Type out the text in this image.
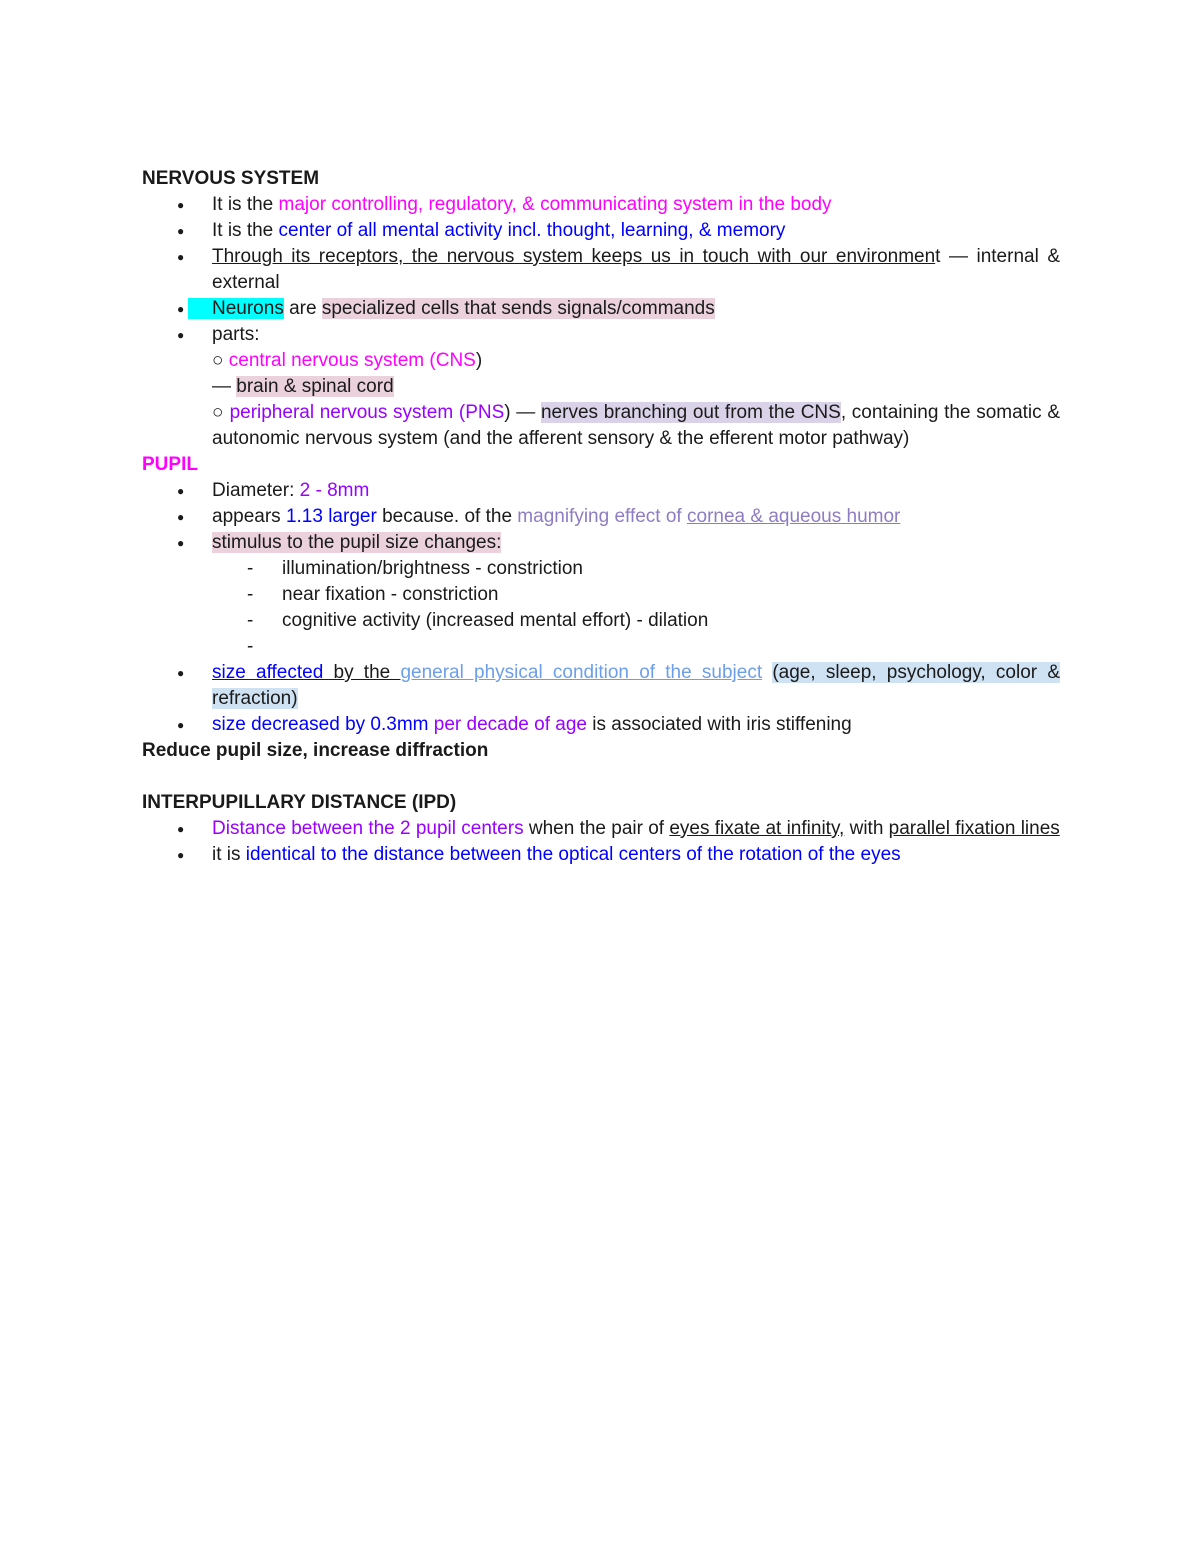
NERVOUS SYSTEM

● It is the major controlling, regulatory, & communicating system in the body
● It is the center of all mental activity incl. thought, learning, & memory
● Through its receptors, the nervous system keeps us in touch with our environment — internal & external
● Neurons are specialized cells that sends signals/commands
● parts:
○ central nervous system (CNS)
— brain & spinal cord
○ peripheral nervous system (PNS) — nerves branching out from the CNS, containing the somatic & autonomic nervous system (and the afferent sensory & the efferent motor pathway)

PUPIL

● Diameter: 2 - 8mm
● appears 1.13 larger because. of the magnifying effect of cornea & aqueous humor
● stimulus to the pupil size changes:
- illumination/brightness - constriction
- near fixation - constriction
- cognitive activity (increased mental effort) - dilation
-
● size affected by the general physical condition of the subject (age, sleep, psychology, color & refraction)
● size decreased by 0.3mm per decade of age is associated with iris stiffening

Reduce pupil size, increase diffraction

INTERPUPILLARY DISTANCE (IPD)

● Distance between the 2 pupil centers when the pair of eyes fixate at infinity, with parallel fixation lines
● it is identical to the distance between the optical centers of the rotation of the eyes
